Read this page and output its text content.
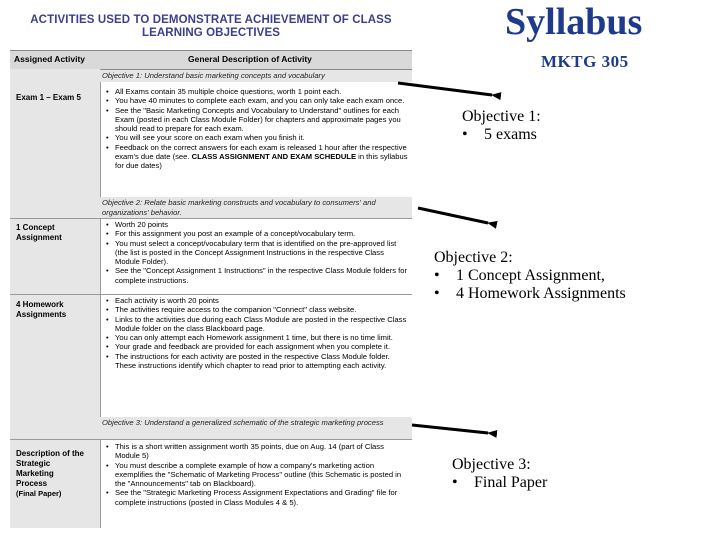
ACTIVITIES USED TO DEMONSTRATE ACHIEVEMENT OF CLASS
LEARNING OBJECTIVES
Assigned Activity	General Description of Activity
Objective 1: Understand basic marketing concepts and vocabulary
Exam 1 – Exam 5
• All Exams contain 35 multiple choice questions, worth 1 point each.
• You have 40 minutes to complete each exam, and you can only take each exam once.
• See the "Basic Marketing Concepts and Vocabulary to Understand" outlines for each Exam (posted in each Class Module Folder) for chapters and approximate pages you should read to prepare for each exam.
• You will see your score on each exam when you finish it.
• Feedback on the correct answers for each exam is released 1 hour after the respective exam's due date (see. CLASS ASSIGNMENT AND EXAM SCHEDULE in this syllabus for due dates)
Objective 2: Relate basic marketing constructs and vocabulary to consumers' and organizations' behavior.
1 Concept
Assignment
• Worth 20 points
• For this assignment you post an example of a concept/vocabulary term.
• You must select a concept/vocabulary term that is identified on the pre-approved list (the list is posted in the Concept Assignment Instructions in the respective Class Module Folder).
• See the "Concept Assignment 1 Instructions" in the respective Class Module folders for complete instructions.
4 Homework
Assignments
• Each activity is worth 20 points
• The activities require access to the companion "Connect" class website.
• Links to the activities due during each Class Module are posted in the respective Class Module folder on the class Blackboard page.
• You can only attempt each Homework assignment 1 time, but there is no time limit.
• Your grade and feedback are provided for each assignment when you complete it.
• The instructions for each activity are posted in the respective Class Module folder. These instructions identify which chapter to read prior to attempting each activity.
Objective 3: Understand a generalized schematic of the strategic marketing process
Description of the
Strategic
Marketing
Process
(Final Paper)
• This is a short written assignment worth 35 points, due on Aug. 14 (part of Class Module 5)
• You must describe a complete example of how a company's marketing action exemplifies the "Schematic of Marketing Process" outline (this Schematic is posted in the "Announcements" tab on Blackboard).
• See the "Strategic Marketing Process Assignment Expectations and Grading" file for complete instructions (posted in Class Modules 4 & 5).
Syllabus
MKTG 305
Objective 1:
• 5 exams
Objective 2:
• 1 Concept Assignment,
• 4 Homework Assignments
Objective 3:
• Final Paper
